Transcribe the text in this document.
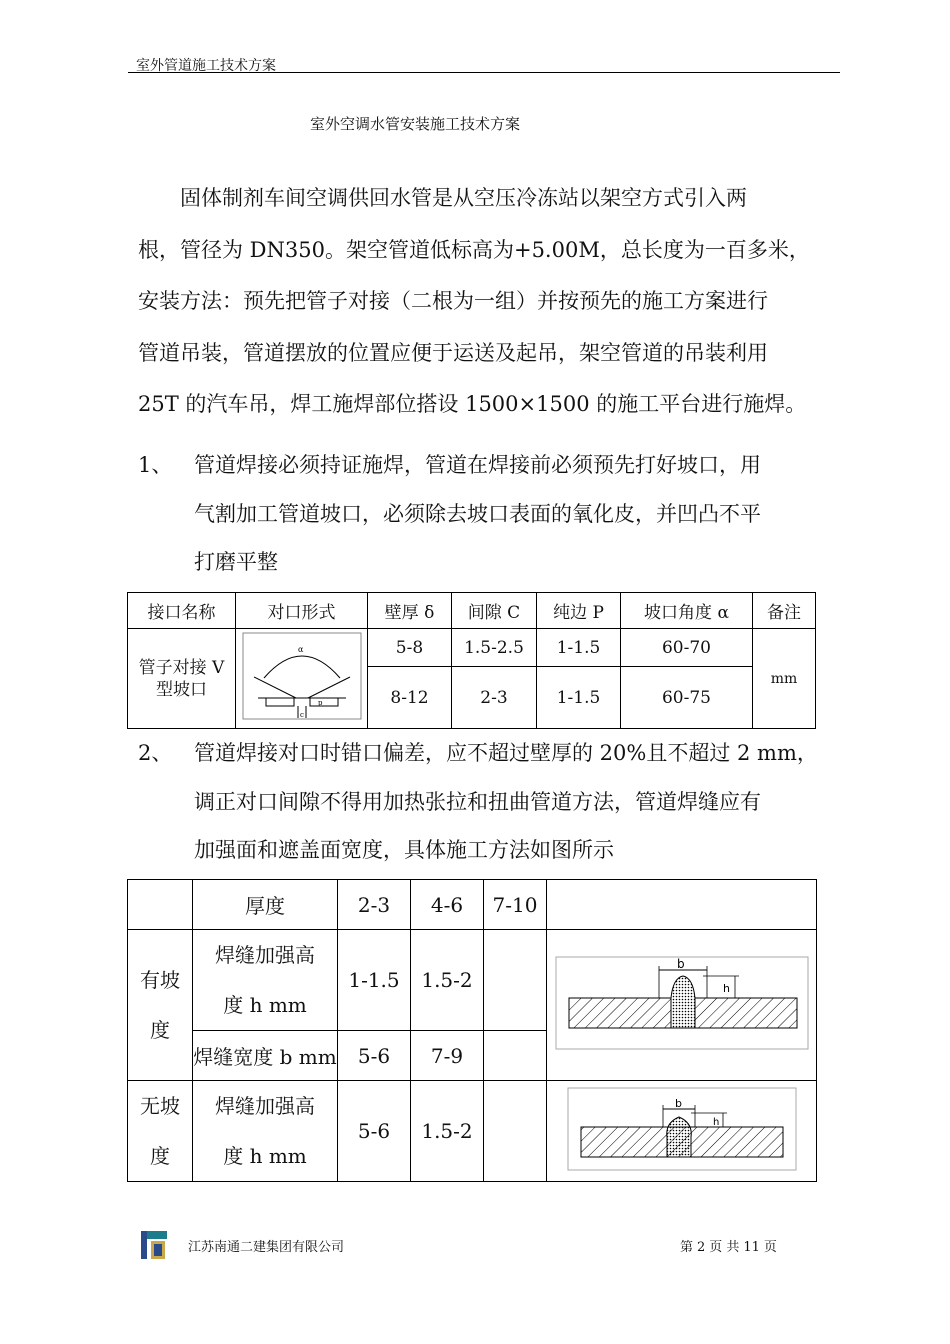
室外管道施工技术方案
室外空调水管安装施工技术方案
　　固体制剂车间空调供回水管是从空压冷冻站以架空方式引入两
根，管径为 DN350。架空管道低标高为+5.00M，总长度为一百多米，
安装方法：预先把管子对接（二根为一组）并按预先的施工方案进行
管道吊装，管道摆放的位置应便于运送及起吊，架空管道的吊装利用
25T 的汽车吊，焊工施焊部位搭设 1500×1500 的施工平台进行施焊。
1、 管道焊接必须持证施焊，管道在焊接前必须预先打好坡口，用
气割加工管道坡口，必须除去坡口表面的氧化皮，并凹凸不平
打磨平整
接口名称	对口形式	壁厚 δ	间隙 C	纯边 P	坡口角度 α	备注
管子对接 V 型坡口	α
c
p	5-8	1.5-2.5	1-1.5	60-70	mm
		8-12	2-3	1-1.5	60-75	
2、 管道焊接对口时错口偏差，应不超过壁厚的 20%且不超过 2 mm，
调正对口间隙不得用加热张拉和扭曲管道方法，管道焊缝应有
加强面和遮盖面宽度，具体施工方法如图所示
	厚度	2-3	4-6	7-10	
有坡度	焊缝加强高度 h mm	1-1.5	1.5-2		b
h

	焊缝宽度 b mm	5-6	7-9		
无坡度	焊缝加强高度 h mm	5-6	1.5-2		b
h
江苏南通二建集团有限公司	第 2 页 共 11 页
